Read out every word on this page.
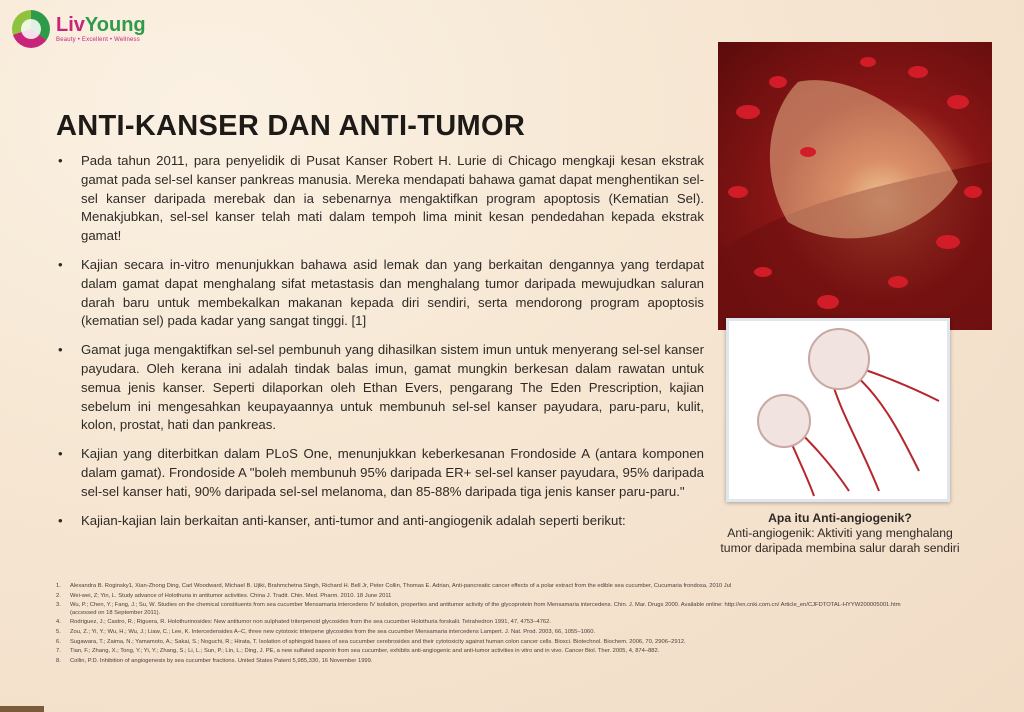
LivYoung
Beauty • Excellent • Wellness
ANTI-KANSER DAN ANTI-TUMOR
• Pada tahun 2011, para penyelidik di Pusat Kanser Robert H. Lurie di Chicago mengkaji kesan ekstrak gamat pada sel-sel kanser pankreas manusia. Mereka mendapati bahawa gamat dapat menghentikan sel-sel kanser daripada merebak dan ia sebenarnya mengaktifkan program apoptosis (Kematian Sel). Menakjubkan, sel-sel kanser telah mati dalam tempoh lima minit kesan pendedahan kepada ekstrak gamat!
• Kajian secara in-vitro menunjukkan bahawa asid lemak dan yang berkaitan dengannya yang terdapat dalam gamat dapat menghalang sifat metastasis dan menghalang tumor daripada mewujudkan saluran darah baru untuk membekalkan makanan kepada diri sendiri, serta mendorong program apoptosis (kematian sel) pada kadar yang sangat tinggi. [1]
• Gamat juga mengaktifkan sel-sel pembunuh yang dihasilkan sistem imun untuk menyerang sel-sel kanser payudara. Oleh kerana ini adalah tindak balas imun, gamat mungkin berkesan dalam rawatan untuk semua jenis kanser. Seperti dilaporkan oleh Ethan Evers, pengarang The Eden Prescription, kajian sebelum ini mengesahkan keupayaannya untuk membunuh sel-sel kanser payudara, paru-paru, kulit, kolon, prostat, hati dan pankreas.
• Kajian yang diterbitkan dalam PLoS One, menunjukkan keberkesanan Frondoside A (antara komponen dalam gamat). Frondoside A "boleh membunuh 95% daripada ER+ sel-sel kanser payudara, 95% daripada sel-sel kanser hati, 90% daripada sel-sel melanoma, dan 85-88% daripada tiga jenis kanser paru-paru."
• Kajian-kajian lain berkaitan anti-kanser, anti-tumor and anti-angiogenik adalah seperti berikut:	Apa itu Anti-angiogenik?
Anti-angiogenik: Aktiviti yang menghalang tumor daripada membina salur darah sendiri
1.	Alexandra B. Roginsky1, Xian-Zhong Ding, Carl Woodward, Michael B. Ujiki, Brahmchetna Singh, Richard H. Bell Jr, Peter Collin, Thomas E. Adrian, Anti-pancreatic cancer effects of a polar extract from the edible sea cucumber, Cucumaria frondosa, 2010 Jul
2.	Wei-wei, Z; Yin, L. Study advance of Holothuria in antitumor activities. China J. Tradit. Chin. Med. Pharm. 2010. 18 June 2011
3.	Wu, P.; Chen, Y.; Fang, J.; Su, W. Studies on the chemical constituents from sea cucumber Mensamaria intercedens IV isolation, properties and antitumor activity of the glycoprotein from Mensamaria intercedens. Chin. J. Mar. Drugs 2000. Available online: http://en.cnki.com.cn/ Article_en/CJFDTOTAL-HYYW200005001.htm (accessed on 18 September 2011).
4.	Rodriguez, J.; Castro, R.; Riguera, R. Holothurinosides: New antitumor non sulphated triterpenoid glycosides from the sea cucumber Holothuria forskalii. Tetrahedron 1991, 47, 4753–4762.
5.	Zou, Z.; Yi, Y.; Wu, H.; Wu, J.; Liaw, C.; Lee, K. Intercedensides A–C, three new cytotoxic triterpene glycosides from the sea cucumber Mensamaria intercedens Lampert. J. Nat. Prod. 2003, 66, 1055–1060.
6.	Sugawara, T.; Zaima, N.; Yamamoto, A.; Sakai, S.; Noguchi, R.; Hirata, T. Isolation of sphingoid bases of sea cucumber cerebrosides and their cytotoxicity against human colon cancer cells. Biosci. Biotechnol. Biochem. 2006, 70, 2906–2912.
7.	Tian, F.; Zhang, X.; Tong, Y.; Yi, Y.; Zhang, S.; Li, L.; Sun, P.; Lin, L.; Ding, J. PE, a new sulfated saponin from sea cucumber, exhibits anti-angiogenic and anti-tumor activities in vitro and in vivo. Cancer Biol. Ther. 2005, 4, 874–882.
8.	Collin, P.D. Inhibition of angiogenesis by sea cucumber fractions. United States Patent 5,985,330, 16 November 1999.
